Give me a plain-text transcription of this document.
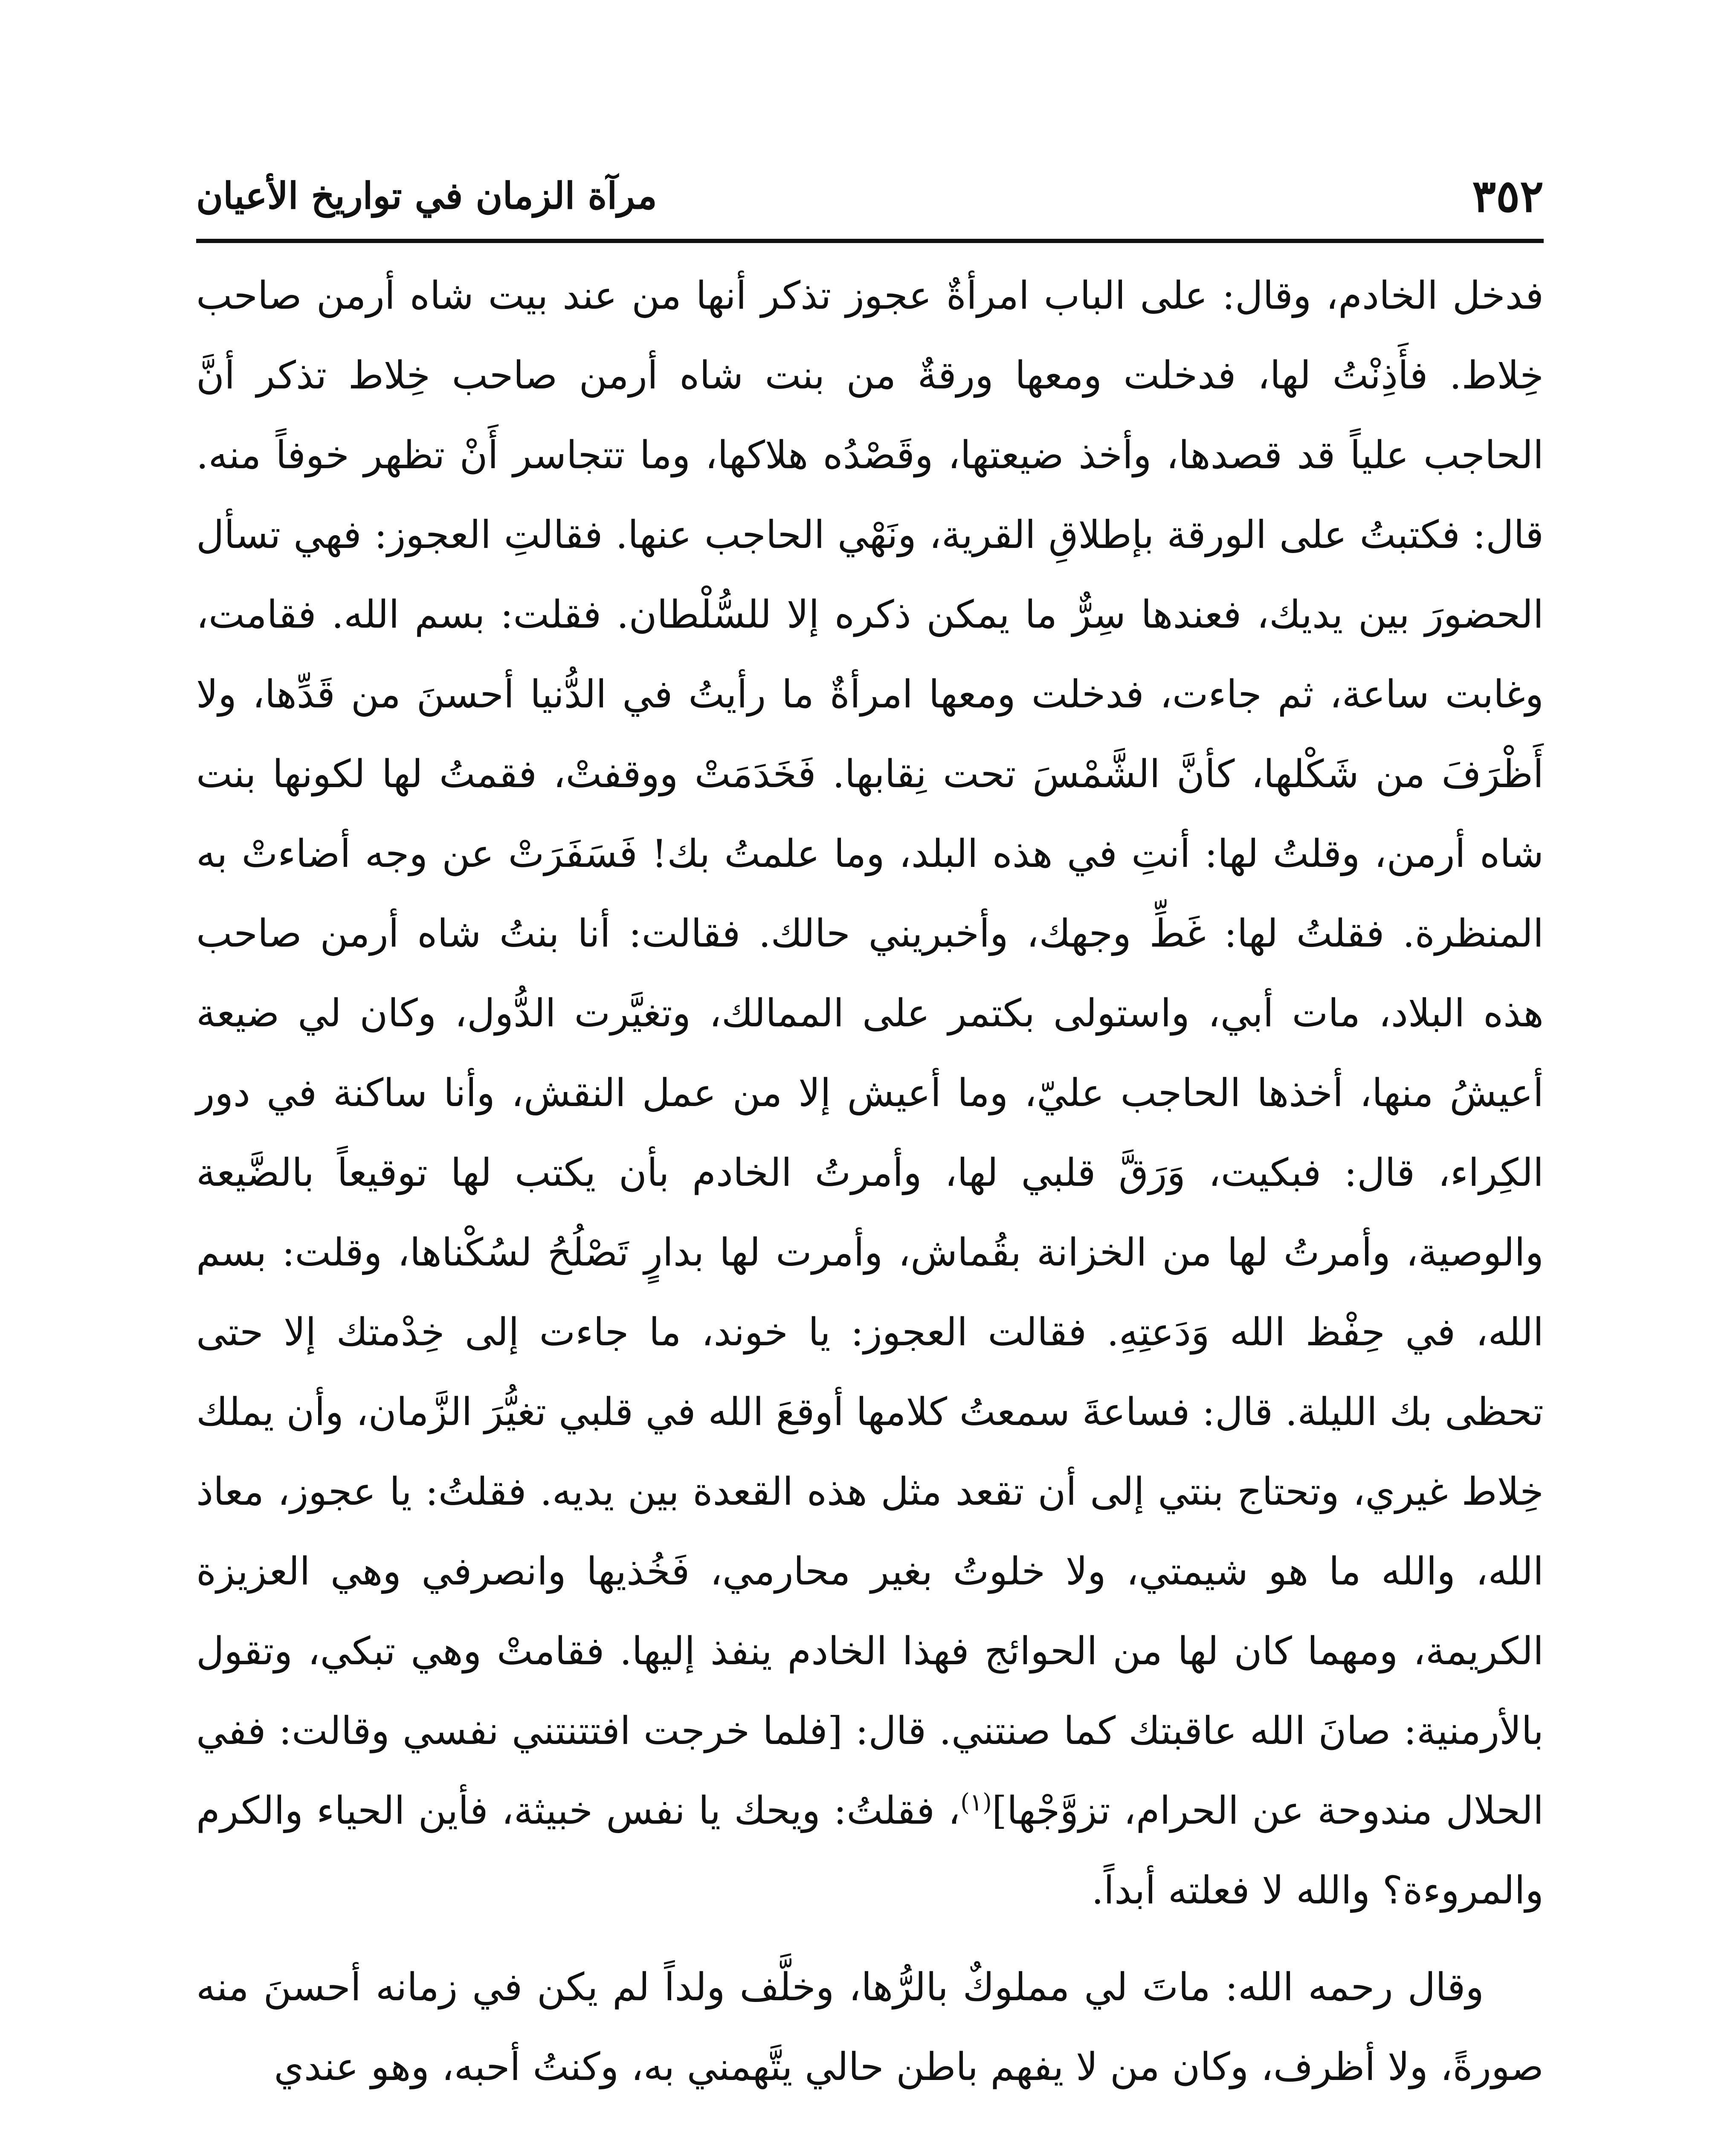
٣٥٢
مرآة الزمان في تواريخ الأعيان

فدخل الخادم، وقال: على الباب امرأةٌ عجوز تذكر أنها من عند بيت شاه أرمن صاحب خِلاط. فأَذِنْتُ لها، فدخلت ومعها ورقةٌ من بنت شاه أرمن صاحب خِلاط تذكر أنَّ الحاجب علياً قد قصدها، وأخذ ضيعتها، وقَصْدُه هلاكها، وما تتجاسر أَنْ تظهر خوفاً منه. قال: فكتبتُ على الورقة بإطلاقِ القرية، ونَهْي الحاجب عنها. فقالتِ العجوز: فهي تسأل الحضورَ بين يديك، فعندها سِرٌّ ما يمكن ذكره إلا للسُّلْطان. فقلت: بسم الله. فقامت، وغابت ساعة، ثم جاءت، فدخلت ومعها امرأةٌ ما رأيتُ في الدُّنيا أحسنَ من قَدِّها، ولا أَظْرَفَ من شَكْلها، كأنَّ الشَّمْسَ تحت نِقابها. فَخَدَمَتْ ووقفتْ، فقمتُ لها لكونها بنت شاه أرمن، وقلتُ لها: أنتِ في هذه البلد، وما علمتُ بك! فَسَفَرَتْ عن وجه أضاءتْ به المنظرة. فقلتُ لها: غَطِّ وجهك، وأخبريني حالك. فقالت: أنا بنتُ شاه أرمن صاحب هذه البلاد، مات أبي، واستولى بكتمر على الممالك، وتغيَّرت الدُّول، وكان لي ضيعة أعيشُ منها، أخذها الحاجب عليّ، وما أعيش إلا من عمل النقش، وأنا ساكنة في دور الكِراء، قال: فبكيت، وَرَقَّ قلبي لها، وأمرتُ الخادم بأن يكتب لها توقيعاً بالضَّيعة والوصية، وأمرتُ لها من الخزانة بقُماش، وأمرت لها بدارٍ تَصْلُحُ لسُكْناها، وقلت: بسم الله، في حِفْظ الله وَدَعتِهِ. فقالت العجوز: يا خوند، ما جاءت إلى خِدْمتك إلا حتى تحظى بك الليلة. قال: فساعةَ سمعتُ كلامها أوقعَ الله في قلبي تغيُّرَ الزَّمان، وأن يملك خِلاط غيري، وتحتاج بنتي إلى أن تقعد مثل هذه القعدة بين يديه. فقلتُ: يا عجوز، معاذ الله، والله ما هو شيمتي، ولا خلوتُ بغير محارمي، فَخُذيها وانصرفي وهي العزيزة الكريمة، ومهما كان لها من الحوائج فهذا الخادم ينفذ إليها. فقامتْ وهي تبكي، وتقول بالأرمنية: صانَ الله عاقبتك كما صنتني. قال: [فلما خرجت افتتنتني نفسي وقالت: ففي الحلال مندوحة عن الحرام، تزوَّجْها]$^{(١)}$، فقلتُ: ويحك يا نفس خبيثة، فأين الحياء والكرم والمروءة؟ والله لا فعلته أبداً.

وقال رحمه الله: ماتَ لي مملوكٌ بالرُّها، وخلَّف ولداً لم يكن في زمانه أحسنَ منه صورةً، ولا أظرف، وكان من لا يفهم باطن حالي يتَّهمني به، وكنتُ أحبه، وهو عندي
